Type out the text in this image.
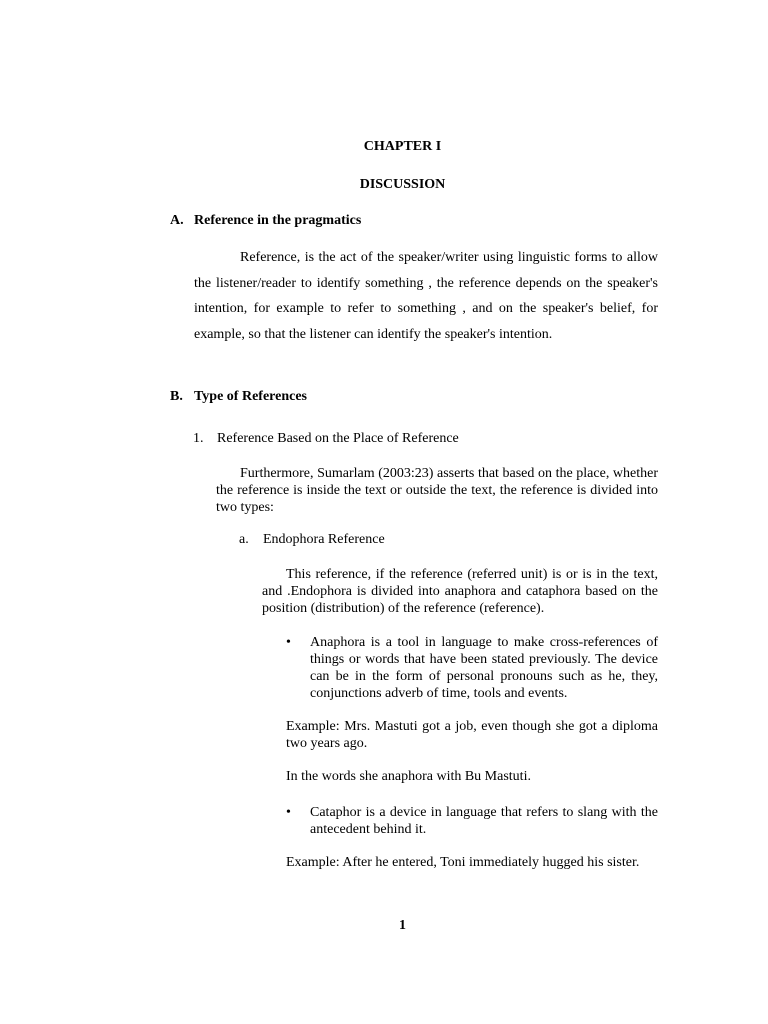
CHAPTER I
DISCUSSION
A. Reference in the pragmatics

Reference, is the act of the speaker/writer using linguistic forms to allow the listener/reader to identify something , the reference depends on the speaker's intention, for example to refer to something , and on the speaker's belief, for example, so that the listener can identify the speaker's intention.

B. Type of References
1. Reference Based on the Place of Reference

Furthermore, Sumarlam (2003:23) asserts that based on the place, whether the reference is inside the text or outside the text, the reference is divided into two types:

a. Endophora Reference

This reference, if the reference (referred unit) is or is in the text, and .Endophora is divided into anaphora and cataphora based on the position (distribution) of the reference (reference).

•	Anaphora is a tool in language to make cross-references of things or words that have been stated previously. The device can be in the form of personal pronouns such as he, they, conjunctions adverb of time, tools and events.

Example: Mrs. Mastuti got a job, even though she got a diploma two years ago.

In the words she anaphora with Bu Mastuti.

•	Cataphor is a device in language that refers to slang with the antecedent behind it.

Example: After he entered, Toni immediately hugged his sister.

1
